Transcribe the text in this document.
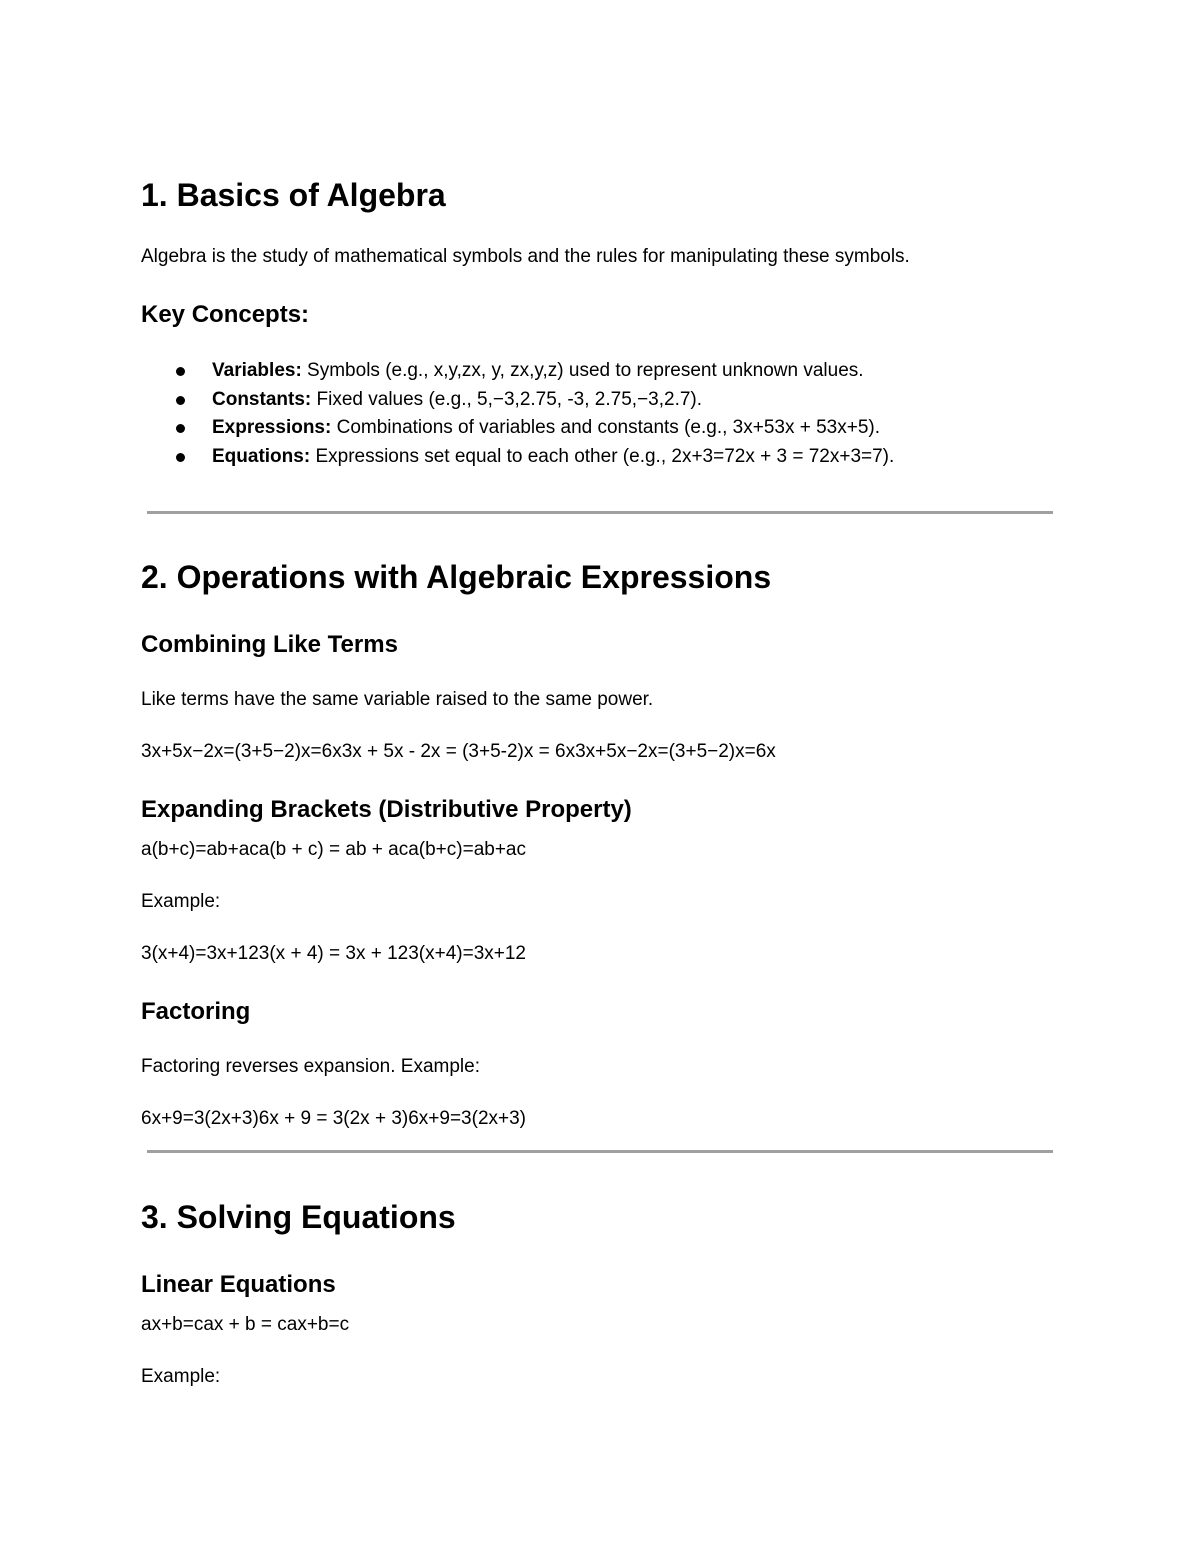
1. Basics of Algebra

Algebra is the study of mathematical symbols and the rules for manipulating these symbols.

Key Concepts:
Variables: Symbols (e.g., x,y,zx, y, zx,y,z) used to represent unknown values.
Constants: Fixed values (e.g., 5,−3,2.75, -3, 2.75,−3,2.7).
Expressions: Combinations of variables and constants (e.g., 3x+53x + 53x+5).
Equations: Expressions set equal to each other (e.g., 2x+3=72x + 3 = 72x+3=7).
2. Operations with Algebraic Expressions
Combining Like Terms

Like terms have the same variable raised to the same power.

3x+5x−2x=(3+5−2)x=6x3x + 5x - 2x = (3+5-2)x = 6x3x+5x−2x=(3+5−2)x=6x

Expanding Brackets (Distributive Property)

a(b+c)=ab+aca(b + c) = ab + aca(b+c)=ab+ac

Example:

3(x+4)=3x+123(x + 4) = 3x + 123(x+4)=3x+12

Factoring

Factoring reverses expansion. Example:

6x+9=3(2x+3)6x + 9 = 3(2x + 3)6x+9=3(2x+3)

3. Solving Equations
Linear Equations

ax+b=cax + b = cax+b=c

Example:
